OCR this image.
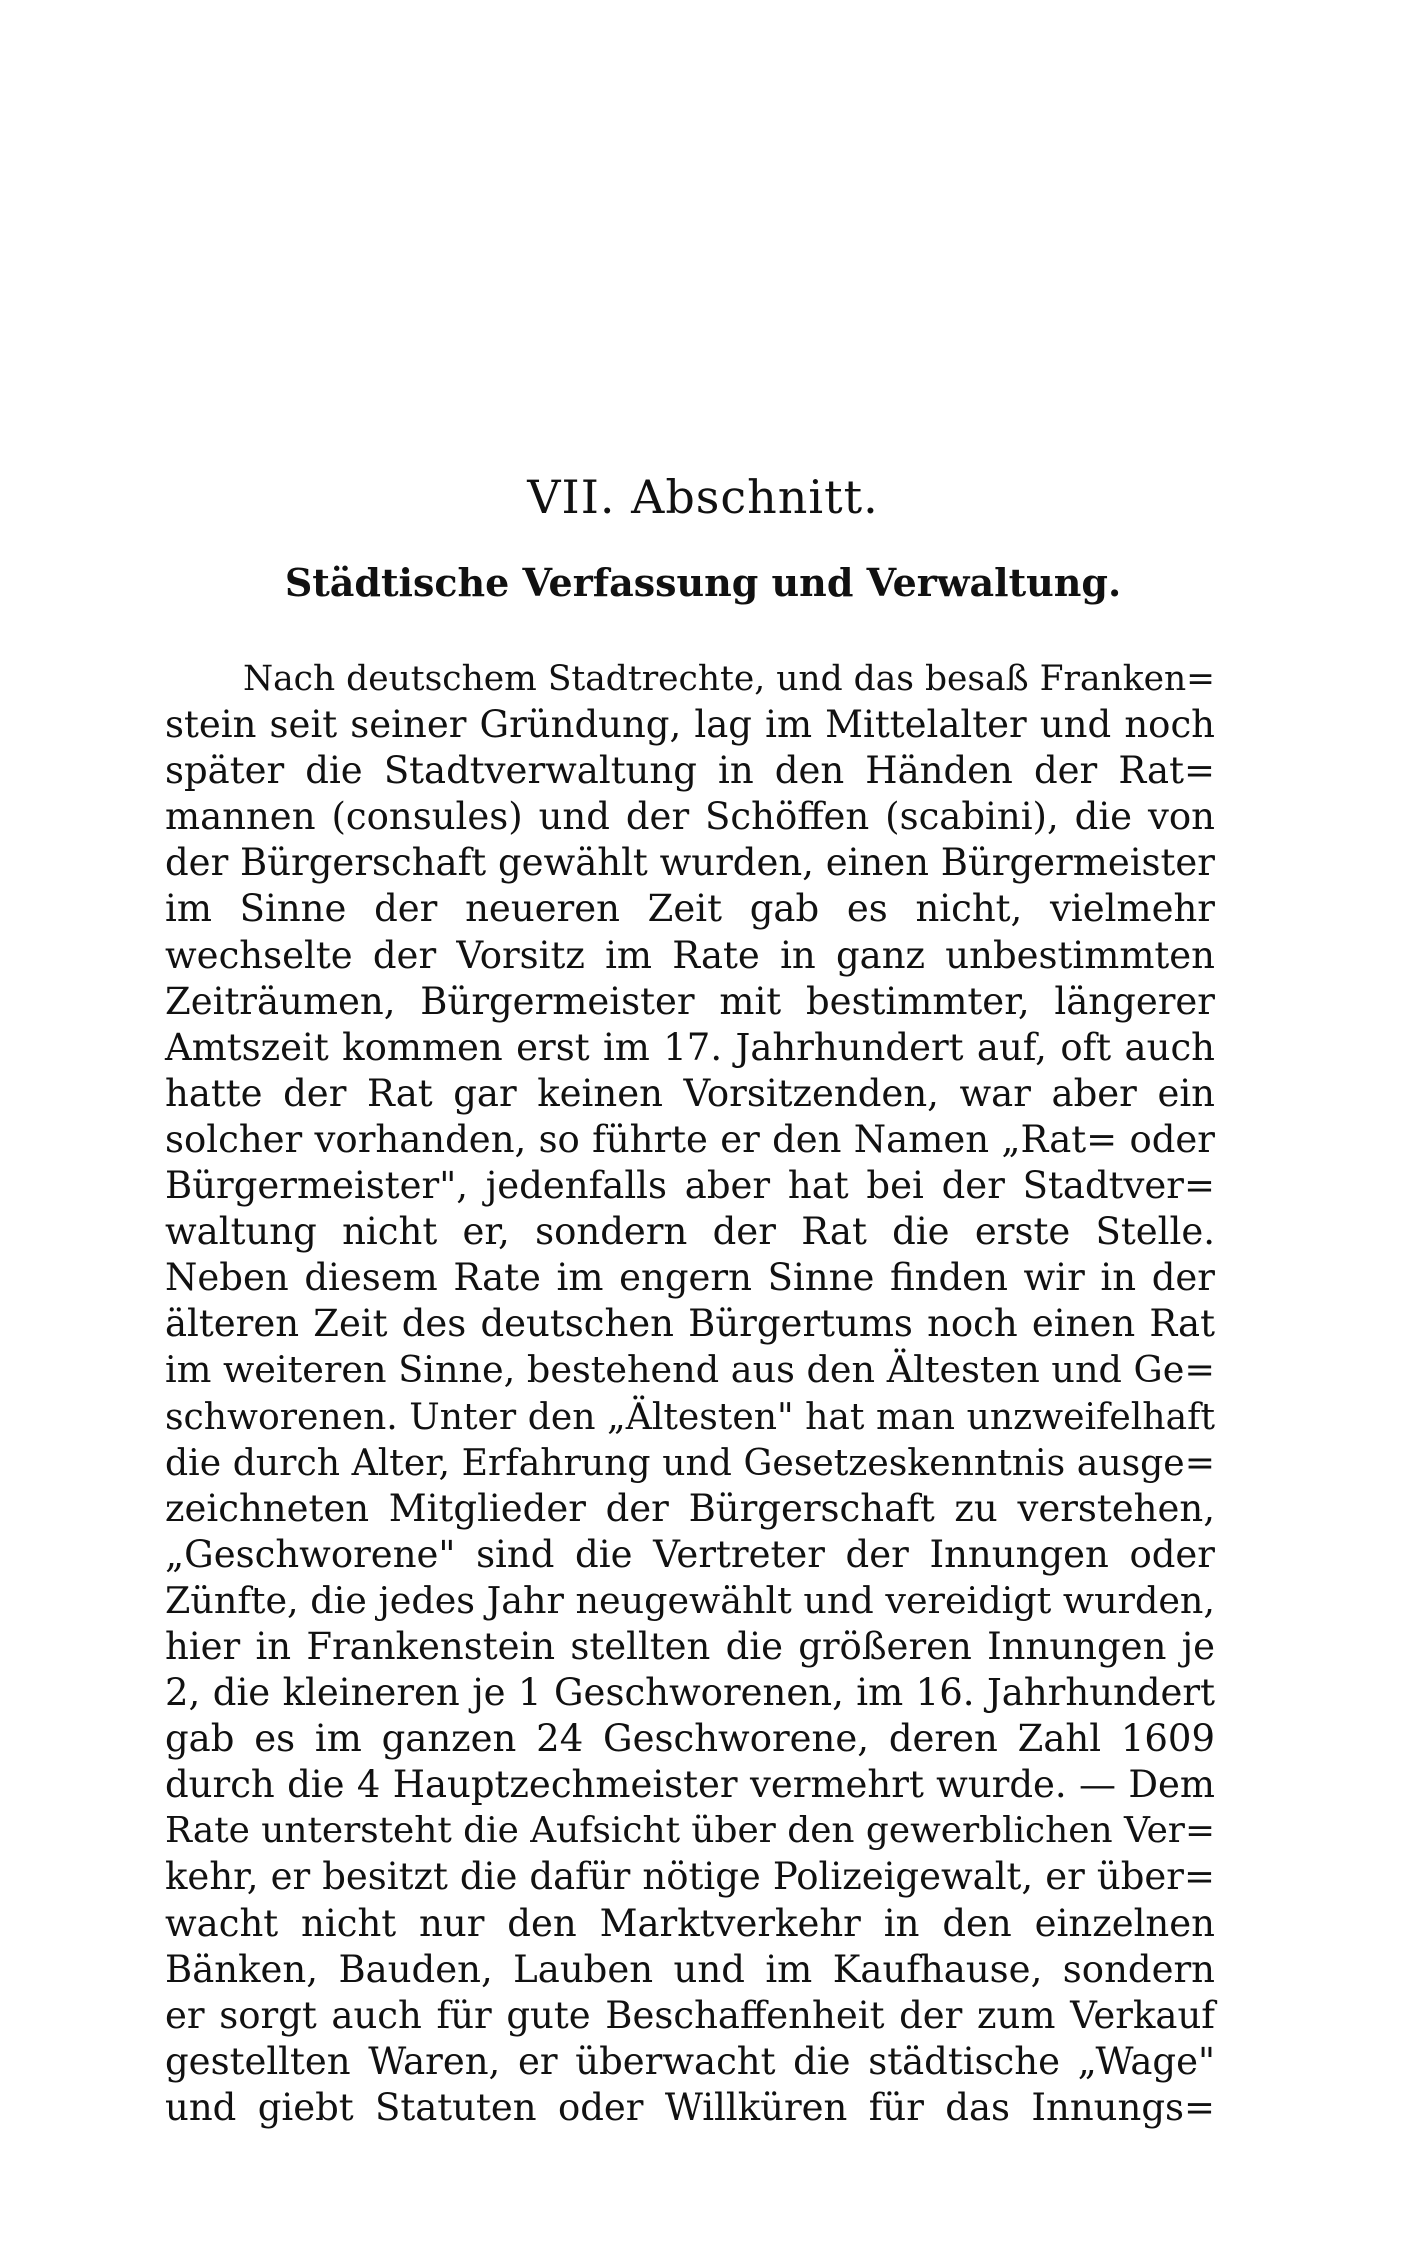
VII. Abschnitt.
Städtische Verfassung und Verwaltung.
Nach deutschem Stadtrechte, und das besaß Franken=
stein seit seiner Gründung, lag im Mittelalter und noch
später die Stadtverwaltung in den Händen der Rat=
mannen (consules) und der Schöffen (scabini), die von
der Bürgerschaft gewählt wurden, einen Bürgermeister
im Sinne der neueren Zeit gab es nicht, vielmehr
wechselte der Vorsitz im Rate in ganz unbestimmten
Zeiträumen, Bürgermeister mit bestimmter, längerer
Amtszeit kommen erst im 17. Jahrhundert auf, oft auch
hatte der Rat gar keinen Vorsitzenden, war aber ein
solcher vorhanden, so führte er den Namen „Rat= oder
Bürgermeister", jedenfalls aber hat bei der Stadtver=
waltung nicht er, sondern der Rat die erste Stelle.
Neben diesem Rate im engern Sinne finden wir in der
älteren Zeit des deutschen Bürgertums noch einen Rat
im weiteren Sinne, bestehend aus den Ältesten und Ge=
schworenen. Unter den „Ältesten" hat man unzweifelhaft
die durch Alter, Erfahrung und Gesetzeskenntnis ausge=
zeichneten Mitglieder der Bürgerschaft zu verstehen,
„Geschworene" sind die Vertreter der Innungen oder
Zünfte, die jedes Jahr neugewählt und vereidigt wurden,
hier in Frankenstein stellten die größeren Innungen je
2, die kleineren je 1 Geschworenen, im 16. Jahrhundert
gab es im ganzen 24 Geschworene, deren Zahl 1609
durch die 4 Hauptzechmeister vermehrt wurde. — Dem
Rate untersteht die Aufsicht über den gewerblichen Ver=
kehr, er besitzt die dafür nötige Polizeigewalt, er über=
wacht nicht nur den Marktverkehr in den einzelnen
Bänken, Bauden, Lauben und im Kaufhause, sondern
er sorgt auch für gute Beschaffenheit der zum Verkauf
gestellten Waren, er überwacht die städtische „Wage"
und giebt Statuten oder Willküren für das Innungs=
